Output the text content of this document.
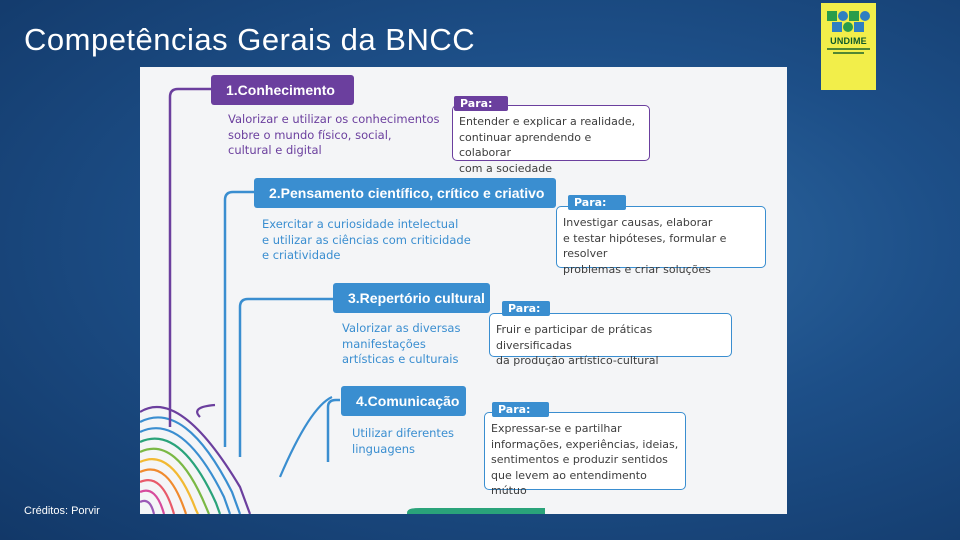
Competências Gerais da BNCC	UNDIME
1.Conhecimento
Valorizar e utilizar os conhecimentos
sobre o mundo físico, social,
cultural e digital
Entender e explicar a realidade,
continuar aprendendo e colaborar
com a sociedade
Para:
2.Pensamento científico, crítico e criativo
Exercitar a curiosidade intelectual
e utilizar as ciências com criticidade
e criatividade
Investigar causas, elaborar
e testar hipóteses, formular e resolver
problemas e criar soluções
Para:
3.Repertório cultural
Valorizar as diversas
manifestações
artísticas e culturais
Fruir e participar de práticas diversificadas
da produção artístico-cultural
Para:
4.Comunicação
Utilizar diferentes
linguagens
Expressar-se e partilhar
informações, experiências, ideias,
sentimentos e produzir sentidos
que levem ao entendimento mútuo
Para:
Créditos: Porvir
